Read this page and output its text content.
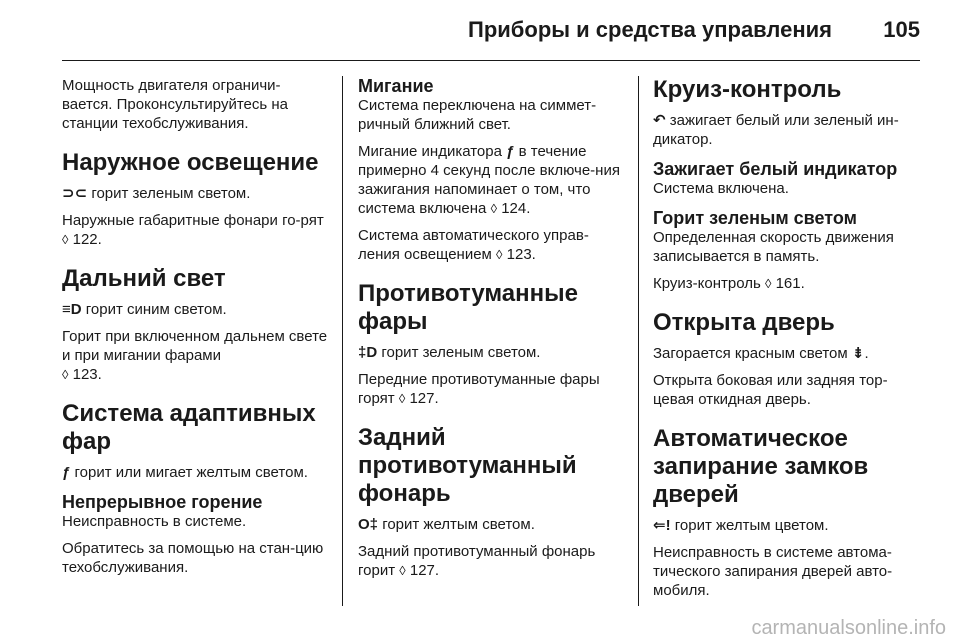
Приборы и средства управления 105

Мощность двигателя ограничи-вается. Проконсультируйтесь на станции техобслуживания.

Наружное освещение

⊃⊂ горит зеленым светом.

Наружные габаритные фонари го-рят ◊ 122.

Дальний свет

≡D горит синим светом.

Горит при включенном дальнем свете и при мигании фарами
◊ 123.

Система адаптивных фар

ƒ горит или мигает желтым светом.

Непрерывное горение

Неисправность в системе.

Обратитесь за помощью на стан-цию техобслуживания.

Мигание

Система переключена на симмет-ричный ближний свет.

Мигание индикатора ƒ в течение примерно 4 секунд после включе-ния зажигания напоминает о том, что система включена ◊ 124.

Система автоматического управ-ления освещением ◊ 123.

Противотуманные фары

‡D горит зеленым светом.

Передние противотуманные фары горят ◊ 127.

Задний противотуманный фонарь

O‡ горит желтым светом.

Задний противотуманный фонарь горит ◊ 127.

Круиз-контроль

↶ зажигает белый или зеленый ин-дикатор.

Зажигает белый индикатор

Система включена.

Горит зеленым светом

Определенная скорость движения записывается в память.

Круиз-контроль ◊ 161.

Открыта дверь

Загорается красным светом ⇟.

Открыта боковая или задняя тор-цевая откидная дверь.

Автоматическое запирание замков дверей

⇐! горит желтым цветом.

Неисправность в системе автома-тического запирания дверей авто-мобиля.

carmanualsonline.info
